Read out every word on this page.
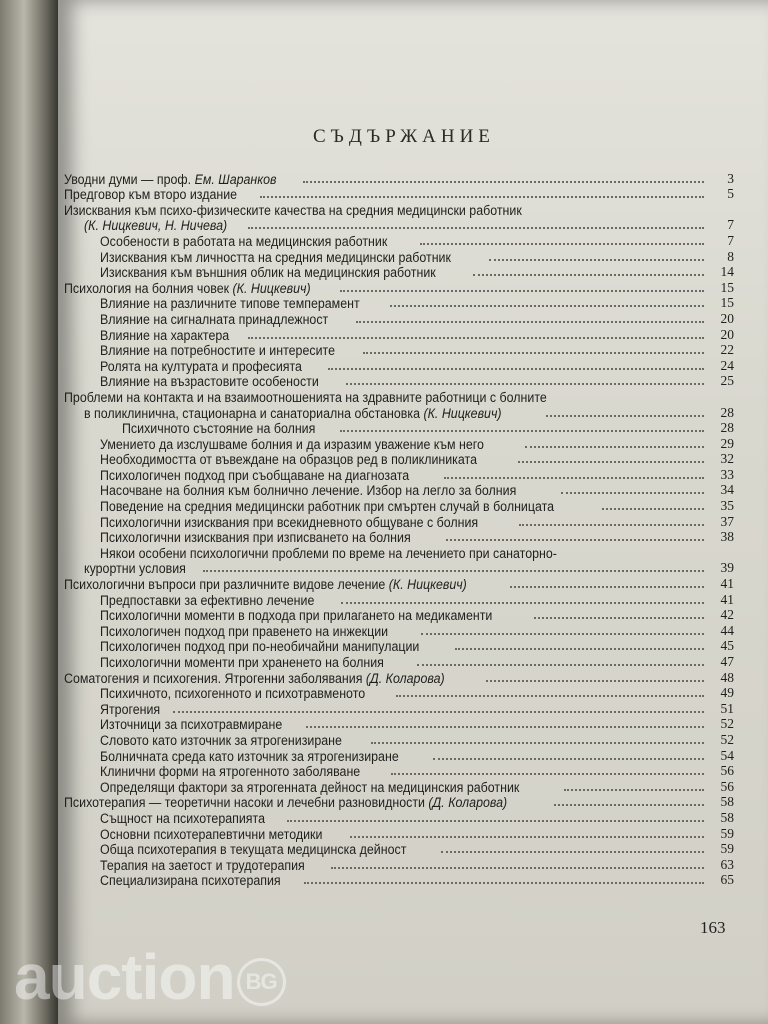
СЪДЪРЖАНИЕ
Уводни думи — проф. Ем. Шаранков	3
Предговор към второ издание	5
Изисквания към психо-физическите качества на средния медицински работник
(К. Ницкевич, Н. Ничева)	7
Особености в работата на медицинския работник	7
Изисквания към личността на средния медицински работник	8
Изисквания към външния облик на медицинския работник	14
Психология на болния човек (К. Ницкевич)	15
Влияние на различните типове темперамент	15
Влияние на сигналната принадлежност	20
Влияние на характера	20
Влияние на потребностите и интересите	22
Ролята на културата и професията	24
Влияние на възрастовите особености	25
Проблеми на контакта и на взаимоотношенията на здравните работници с болните
в поликлинична, стационарна и санаториална обстановка (К. Ницкевич)	28
Психичното състояние на болния	28
Умението да изслушваме болния и да изразим уважение към него	29
Необходимостта от въвеждане на образцов ред в поликлиниката	32
Психологичен подход при съобщаване на диагнозата	33
Насочване на болния към болнично лечение. Избор на легло за болния	34
Поведение на средния медицински работник при смъртен случай в болницата	35
Психологични изисквания при всекидневното общуване с болния	37
Психологични изисквания при изписването на болния	38
Някои особени психологични проблеми по време на лечението при санаторно-
курортни условия	39
Психологични въпроси при различните видове лечение (К. Ницкевич)	41
Предпоставки за ефективно лечение	41
Психологични моменти в подхода при прилагането на медикаменти	42
Психологичен подход при правенето на инжекции	44
Психологичен подход при по-необичайни манипулации	45
Психологични моменти при храненето на болния	47
Соматогения и психогения. Ятрогенни заболявания (Д. Коларова)	48
Психичното, психогенното и психотравменото	49
Ятрогения	51
Източници за психотравмиране	52
Словото като източник за ятрогенизиране	52
Болничната среда като източник за ятрогенизиране	54
Клинични форми на ятрогенното заболяване	56
Определящи фактори за ятрогенната дейност на медицинския работник	56
Психотерапия — теоретични насоки и лечебни разновидности (Д. Коларова)	58
Същност на психотерапията	58
Основни психотерапевтични методики	59
Обща психотерапия в текущата медицинска дейност	59
Терапия на заетост и трудотерапия	63
Специализирана психотерапия	65
163
auction BG
